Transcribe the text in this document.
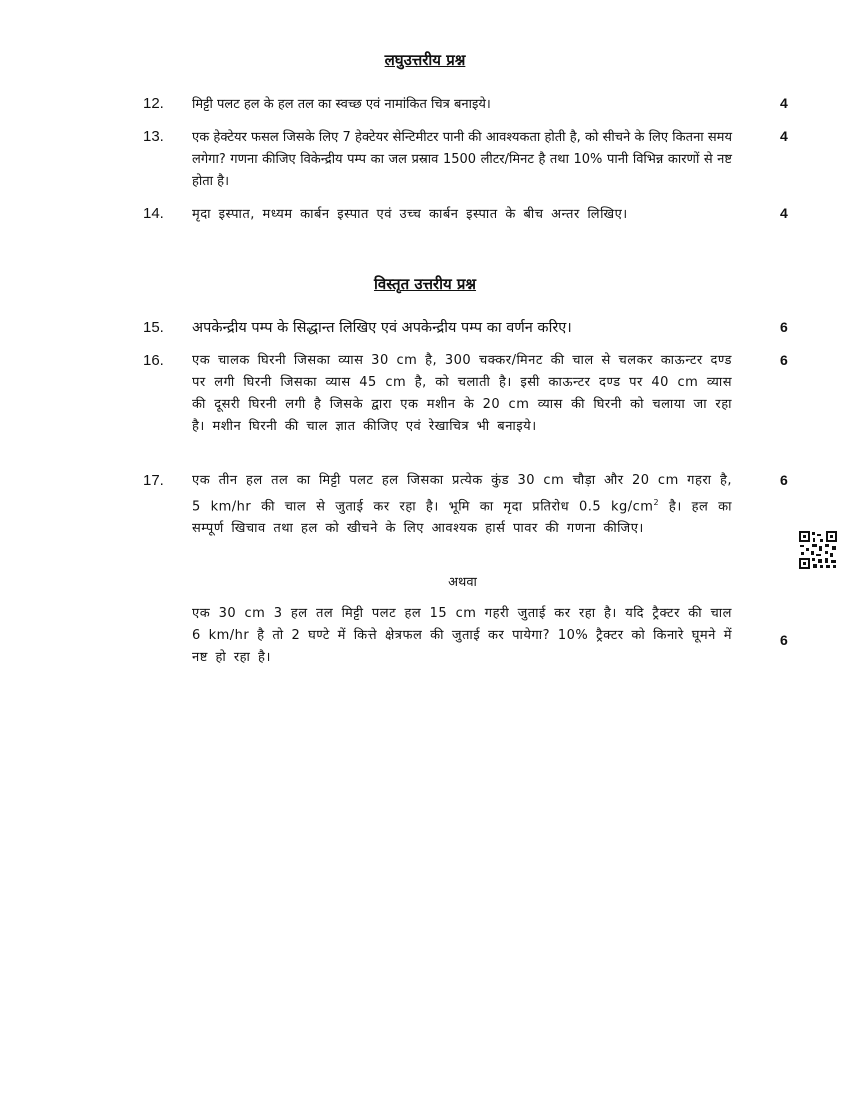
लघुउत्तरीय प्रश्न
12. मिट्टी पलट हल के हल तल का स्वच्छ एवं नामांकित चित्र बनाइये।	4
13. एक हेक्टेयर फसल जिसके लिए 7 हेक्टेयर सेन्टिमीटर पानी की आवश्यकता होती है, को सीचने के लिए कितना समय लगेगा? गणना कीजिए विकेन्द्रीय पम्प का जल प्रस्राव 1500 लीटर/मिनट है तथा 10% पानी विभिन्न कारणों से नष्ट होता है।
4
14. मृदा इस्पात, मध्यम कार्बन इस्पात एवं उच्च कार्बन इस्पात के बीच अन्तर लिखिए।	4
विस्तृत उत्तरीय प्रश्न
15. अपकेन्द्रीय पम्प के सिद्धान्त लिखिए एवं अपकेन्द्रीय पम्प का वर्णन करिए।	6
16. एक चालक घिरनी जिसका व्यास 30 cm है, 300 चक्कर/मिनट की चाल से चलकर काऊन्टर दण्ड पर लगी घिरनी जिसका व्यास 45 cm है, को चलाती है। इसी काऊन्टर दण्ड पर 40 cm व्यास की दूसरी घिरनी लगी है जिसके द्वारा एक मशीन के 20 cm व्यास की घिरनी को चलाया जा रहा है। मशीन घिरनी की चाल ज्ञात कीजिए एवं रेखाचित्र भी बनाइये।
6
17. एक तीन हल तल का मिट्टी पलट हल जिसका प्रत्येक कुंड 30 cm चौड़ा और 20 cm गहरा है, 5 km/hr की चाल से जुताई कर रहा है। भूमि का मृदा प्रतिरोध 0.5 $kg/cm^2$ है। हल का सम्पूर्ण खिचाव तथा हल को खीचने के लिए आवश्यक हार्स पावर की गणना कीजिए।
6
अथवा
एक 30 cm 3 हल तल मिट्टी पलट हल 15 cm गहरी जुताई कर रहा है। यदि ट्रैक्टर की चाल 6 km/hr है तो 2 घण्टे में कित्ते क्षेत्रफल की जुताई कर पायेगा? 10% ट्रैक्टर को किनारे घूमने में नष्ट हो रहा है।
6
